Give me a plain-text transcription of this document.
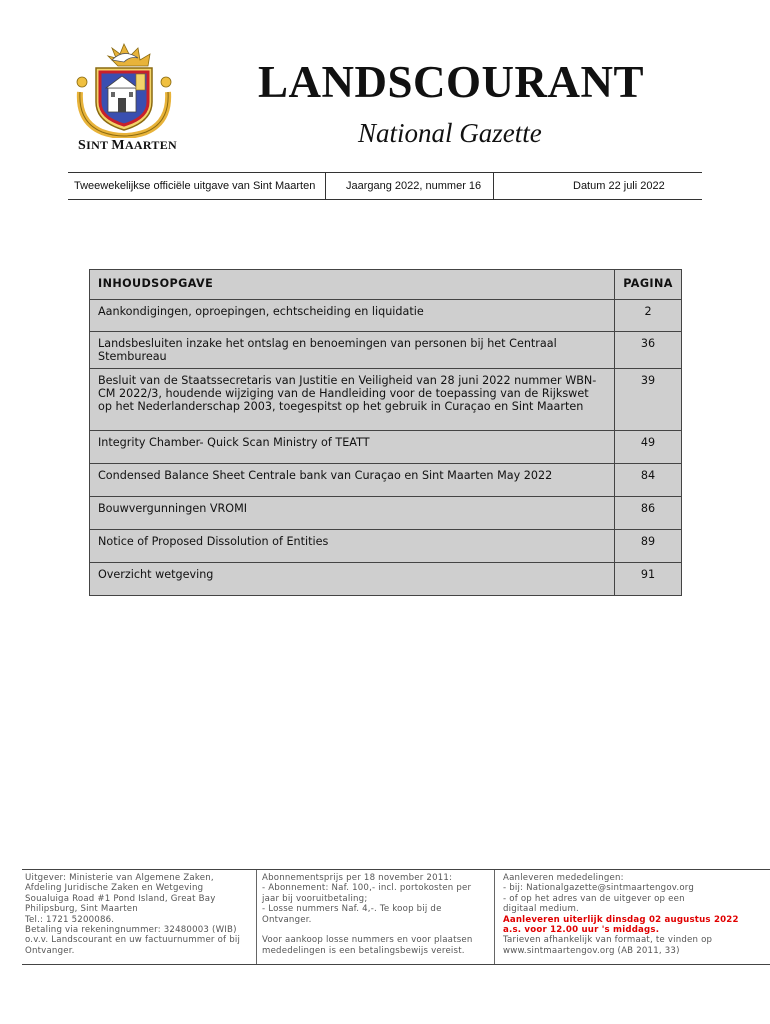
SINT MAARTEN
LANDSCOURANT
National Gazette
Tweewekelijkse officiële uitgave van Sint Maarten	Jaargang 2022, nummer 16	Datum 22 juli 2022
INHOUDSOPGAVE	PAGINA
Aankondigingen, oproepingen, echtscheiding en liquidatie	2
Landsbesluiten inzake het ontslag en benoemingen van personen bij het Centraal Stembureau	36
Besluit van de Staatssecretaris van Justitie en Veiligheid van 28 juni 2022 nummer WBN-CM 2022/3, houdende wijziging van de Handleiding voor de toepassing van de Rijkswet op het Nederlanderschap 2003, toegespitst op het gebruik in Curaçao en Sint Maarten	39
Integrity Chamber- Quick Scan Ministry of TEATT	49
Condensed Balance Sheet Centrale bank van Curaçao en Sint Maarten May 2022	84
Bouwvergunningen VROMI	86
Notice of Proposed Dissolution of Entities	89
Overzicht wetgeving	91
Uitgever: Ministerie van Algemene Zaken,
Afdeling Juridische Zaken en Wetgeving
Soualuiga Road #1 Pond Island, Great Bay
Philipsburg, Sint Maarten
Tel.: 1721 5200086.
Betaling via rekeningnummer: 32480003 (WIB)
o.v.v. Landscourant en uw factuurnummer of bij
Ontvanger.
Abonnementsprijs per 18 november 2011:
- Abonnement: Naf. 100,- incl. portokosten per
jaar bij vooruitbetaling;
- Losse nummers Naf. 4,-. Te koop bij de
Ontvanger.

Voor aankoop losse nummers en voor plaatsen
mededelingen is een betalingsbewijs vereist.
Aanleveren mededelingen:
- bij: Nationalgazette@sintmaartengov.org
- of op het adres van de uitgever op een
digitaal medium.
Aanleveren uiterlijk dinsdag 02 augustus 2022
a.s. voor 12.00 uur 's middags.
Tarieven afhankelijk van formaat, te vinden op
www.sintmaartengov.org (AB 2011, 33)
